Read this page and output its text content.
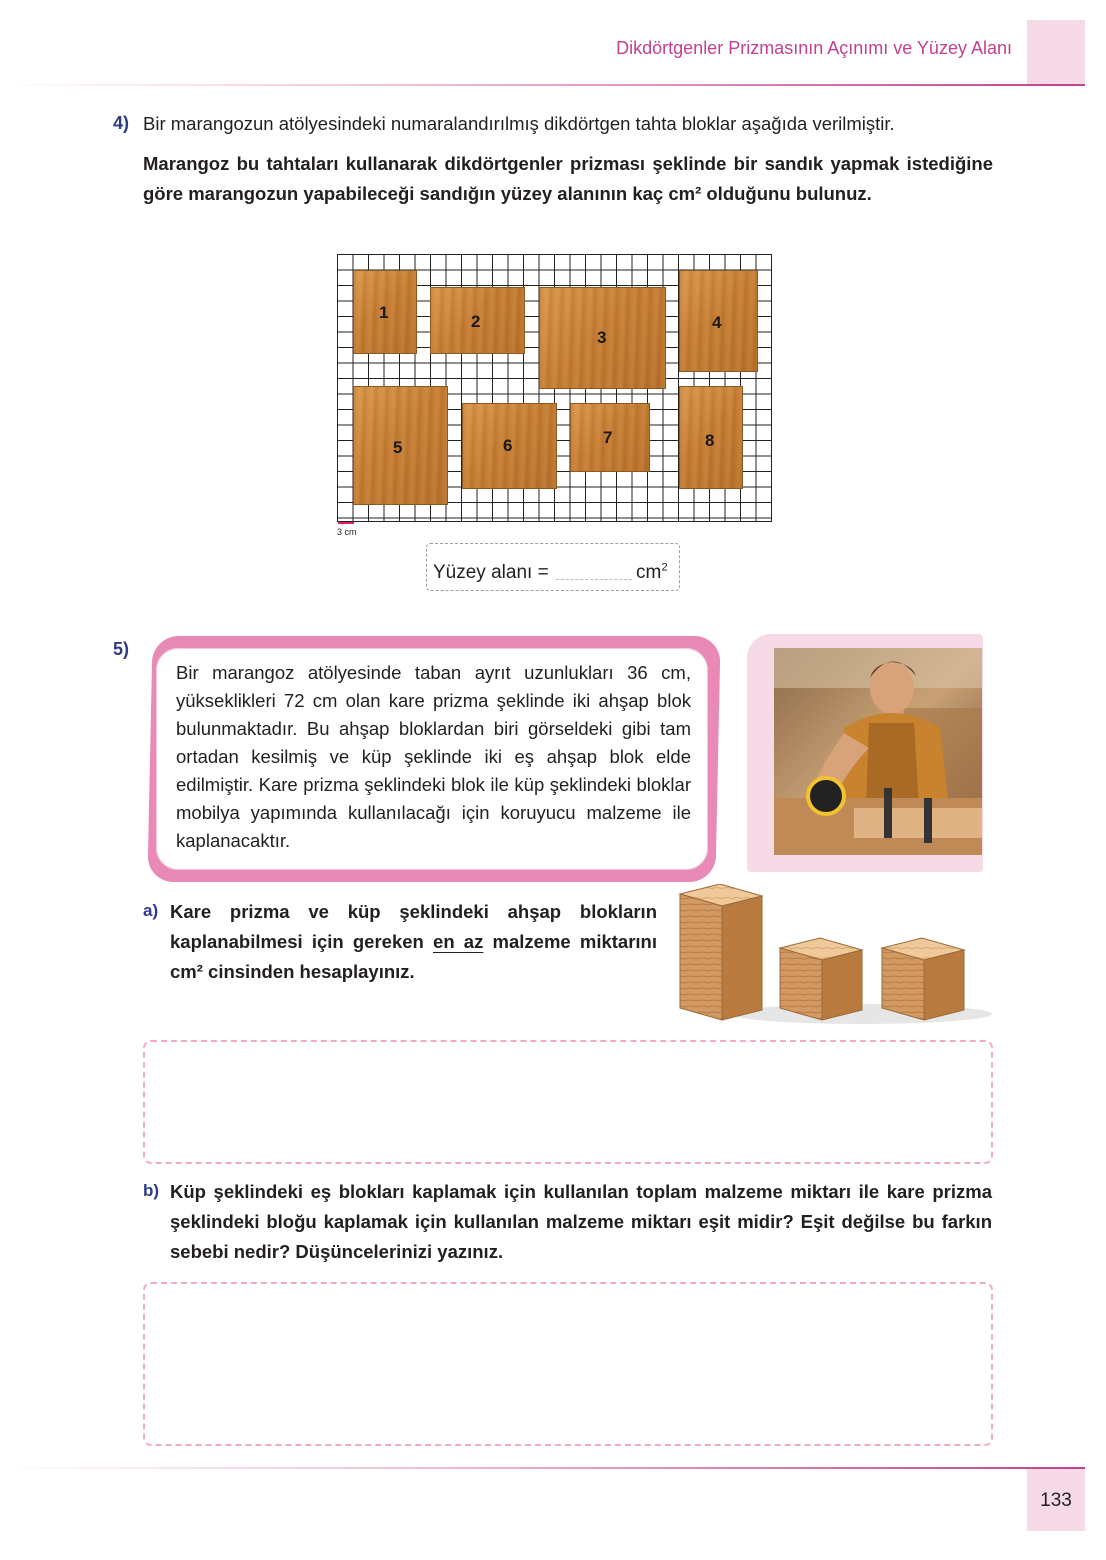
Dikdörtgenler Prizmasının Açınımı ve Yüzey Alanı
4) Bir marangozun atölyesindeki numaralandırılmış dikdörtgen tahta bloklar aşağıda verilmiştir.
Marangoz bu tahtaları kullanarak dikdörtgenler prizması şeklinde bir sandık yapmak istediğine göre marangozun yapabileceği sandığın yüzey alanının kaç cm² olduğunu bulunuz.
1	2
3
4
5	6	7	8
3 cm
Yüzey alanı =	$cm^2$
5)
Bir marangoz atölyesinde taban ayrıt uzunlukları 36 cm, yükseklikleri 72 cm olan kare prizma şeklinde iki ahşap blok bulunmaktadır. Bu ahşap bloklardan biri görseldeki gibi tam ortadan kesilmiş ve küp şeklinde iki eş ahşap blok elde edilmiştir. Kare prizma şeklindeki blok ile küp şeklindeki bloklar mobilya yapımında kullanılacağı için koruyucu malzeme ile kaplanacaktır.
a) Kare prizma ve küp şeklindeki ahşap blokların kaplanabilmesi için gereken en az malzeme miktarını cm² cinsinden hesaplayınız.
b) Küp şeklindeki eş blokları kaplamak için kullanılan toplam malzeme miktarı ile kare prizma şeklindeki bloğu kaplamak için kullanılan malzeme miktarı eşit midir? Eşit değilse bu farkın sebebi nedir? Düşüncelerinizi yazınız.
133
